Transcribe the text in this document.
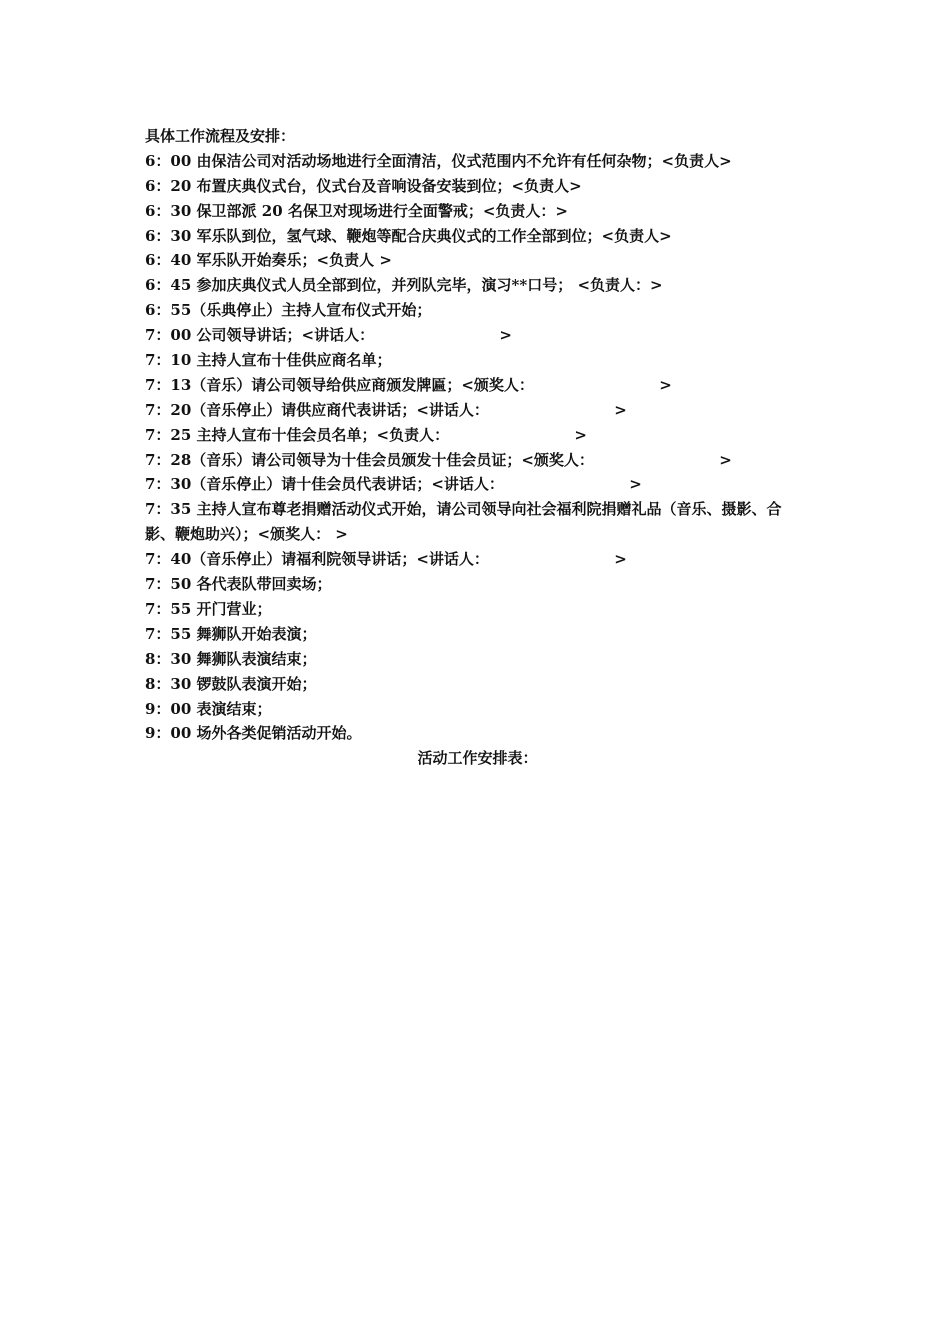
具体工作流程及安排：
6：00 由保洁公司对活动场地进行全面清洁，仪式范围内不允许有任何杂物；<负责人>
6：20 布置庆典仪式台，仪式台及音响设备安装到位；<负责人>
6：30 保卫部派 20 名保卫对现场进行全面警戒；<负责人：>
6：30 军乐队到位，氢气球、鞭炮等配合庆典仪式的工作全部到位；<负责人>
6：40 军乐队开始奏乐；<负责人 >
6：45 参加庆典仪式人员全部到位，并列队完毕，演习**口号； <负责人：>
6：55（乐典停止）主持人宣布仪式开始；
7：00 公司领导讲话；<讲话人：                        >
7：10 主持人宣布十佳供应商名单；
7：13（音乐）请公司领导给供应商颁发牌匾；<颁奖人：                        >
7：20（音乐停止）请供应商代表讲话；<讲话人：                        >
7：25 主持人宣布十佳会员名单；<负责人：                        >
7：28（音乐）请公司领导为十佳会员颁发十佳会员证；<颁奖人：                        >
7：30（音乐停止）请十佳会员代表讲话；<讲话人：                        >
7：35 主持人宣布尊老捐赠活动仪式开始，请公司领导向社会福利院捐赠礼品（音乐、摄影、合影、鞭炮助兴）；<颁奖人： >
7：40（音乐停止）请福利院领导讲话；<讲话人：                        >
7：50 各代表队带回卖场；
7：55 开门营业；
7：55 舞狮队开始表演；
8：30 舞狮队表演结束；
8：30 锣鼓队表演开始；
9：00 表演结束；
9：00 场外各类促销活动开始。
活动工作安排表：
